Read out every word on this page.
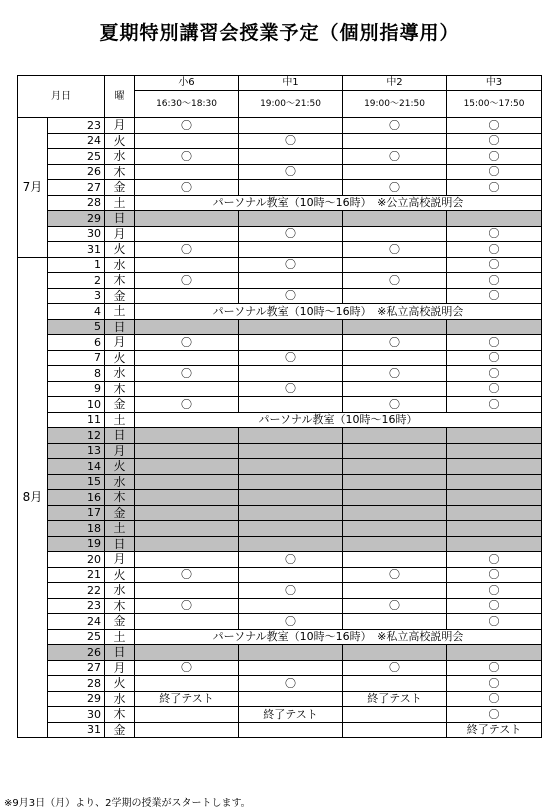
夏期特別講習会授業予定（個別指導用）
月日		曜	小6	中1	中2	中3
			16:30～18:30	19:00～21:50	19:00～21:50	15:00～17:50
7月	23	月	〇		〇	〇
	24	火		〇		〇
	25	水	〇		〇	〇
	26	木		〇		〇
	27	金	〇		〇	〇
	28	土	パーソナル教室（10時～16時）　※公立高校説明会			
	29	日				
	30	月		〇		〇
	31	火	〇		〇	〇
8月	1	水		〇		〇
	2	木	〇		〇	〇
	3	金		〇		〇
	4	土	パーソナル教室（10時～16時）　※私立高校説明会			
	5	日				
	6	月	〇		〇	〇
	7	火		〇		〇
	8	水	〇		〇	〇
	9	木		〇		〇
	10	金	〇		〇	〇
	11	土	パーソナル教室（10時～16時）			
	12	日				
	13	月				
	14	火				
	15	水				
	16	木				
	17	金				
	18	土				
	19	日				
	20	月		〇		〇
	21	火	〇		〇	〇
	22	水		〇		〇
	23	木	〇		〇	〇
	24	金		〇		〇
	25	土	パーソナル教室（10時～16時）　※私立高校説明会			
	26	日				
	27	月	〇		〇	〇
	28	火		〇		〇
	29	水	終了テスト		終了テスト	〇
	30	木		終了テスト		〇
	31	金				終了テスト
※9月3日（月）より、2学期の授業がスタートします。
